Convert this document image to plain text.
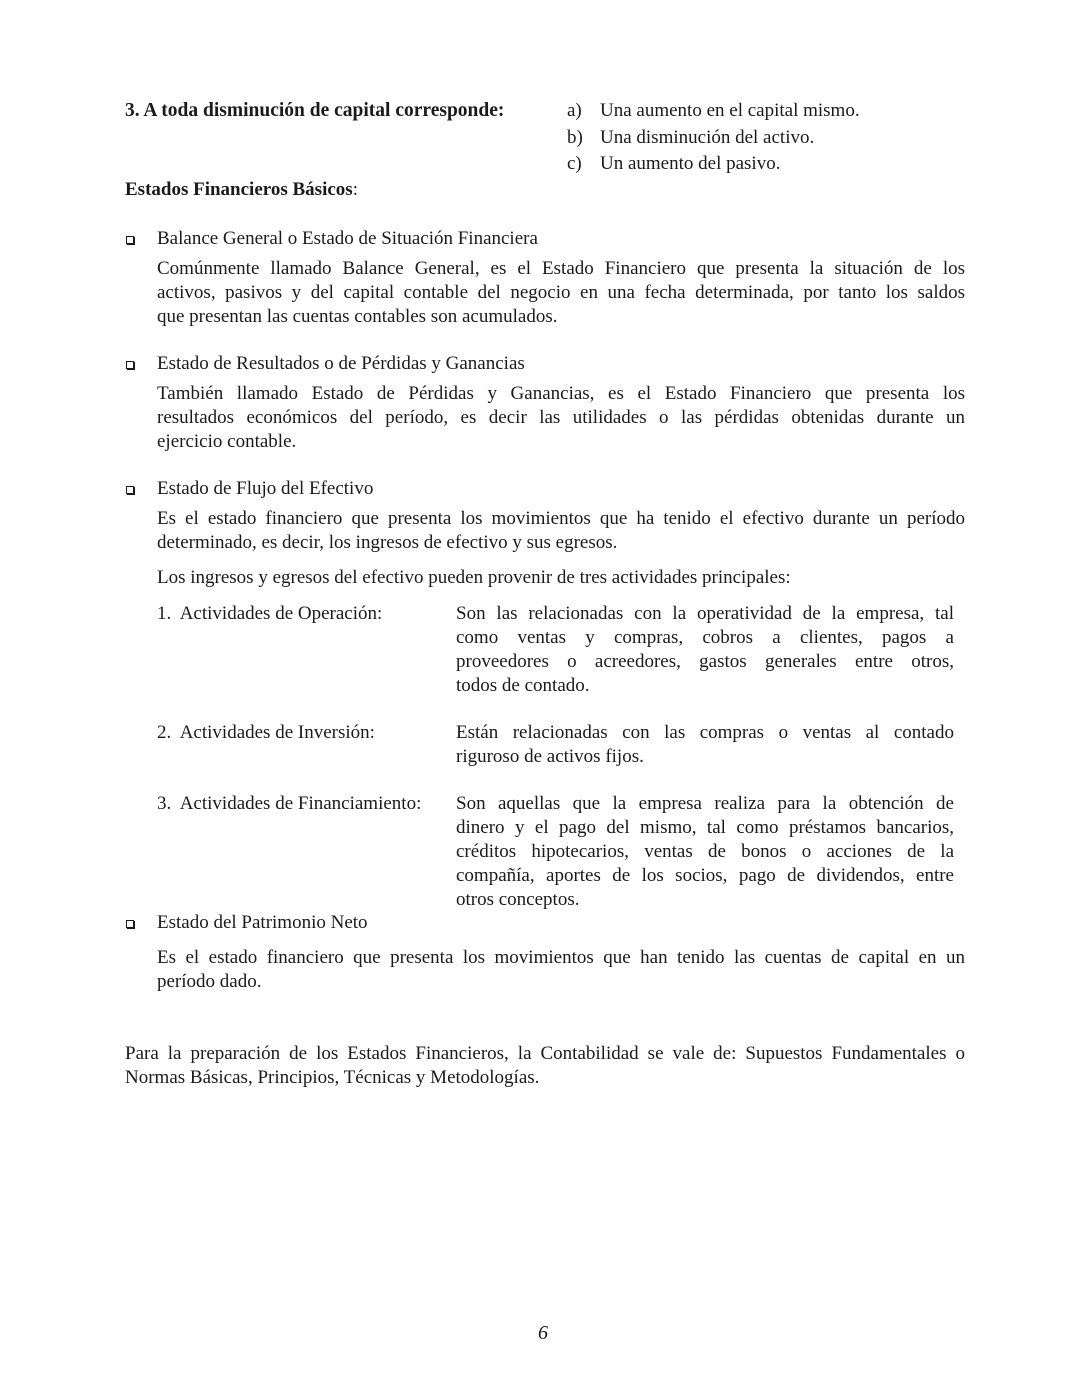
3. A toda disminución de capital corresponde:	a) Una aumento en el capital mismo.
b) Una disminución del activo.
c) Un aumento del pasivo.
Estados Financieros Básicos:
Balance General o Estado de Situación Financiera
Comúnmente llamado Balance General, es el Estado Financiero que presenta la situación de los
activos, pasivos y del capital contable del negocio en una fecha determinada, por tanto los saldos
que presentan las cuentas contables son acumulados.
Estado de Resultados o de Pérdidas y Ganancias
También llamado Estado de Pérdidas y Ganancias, es el Estado Financiero que presenta los
resultados económicos del período, es decir las utilidades o las pérdidas obtenidas durante un
ejercicio contable.
Estado de Flujo del Efectivo
Es el estado financiero que presenta los movimientos que ha tenido el efectivo durante un período
determinado, es decir, los ingresos de efectivo y sus egresos.
Los ingresos y egresos del efectivo pueden provenir de tres actividades principales:
1.  Actividades de Operación:	Son las relacionadas con la operatividad de la empresa, tal
como ventas y compras, cobros a clientes, pagos a
proveedores o acreedores, gastos generales entre otros,
todos de contado.
2.  Actividades de Inversión:	Están relacionadas con las compras o ventas al contado
riguroso de activos fijos.
3.  Actividades de Financiamiento: Son aquellas que la empresa realiza para la obtención de
dinero y el pago del mismo, tal como préstamos bancarios,
créditos hipotecarios, ventas de bonos o acciones de la
compañía, aportes de los socios, pago de dividendos, entre
otros conceptos.
Estado del Patrimonio Neto
Es el estado financiero que presenta los movimientos que han tenido las cuentas de capital en un
período dado.
Para la preparación de los Estados Financieros, la Contabilidad se vale de: Supuestos Fundamentales o
Normas Básicas, Principios, Técnicas y Metodologías.
6
